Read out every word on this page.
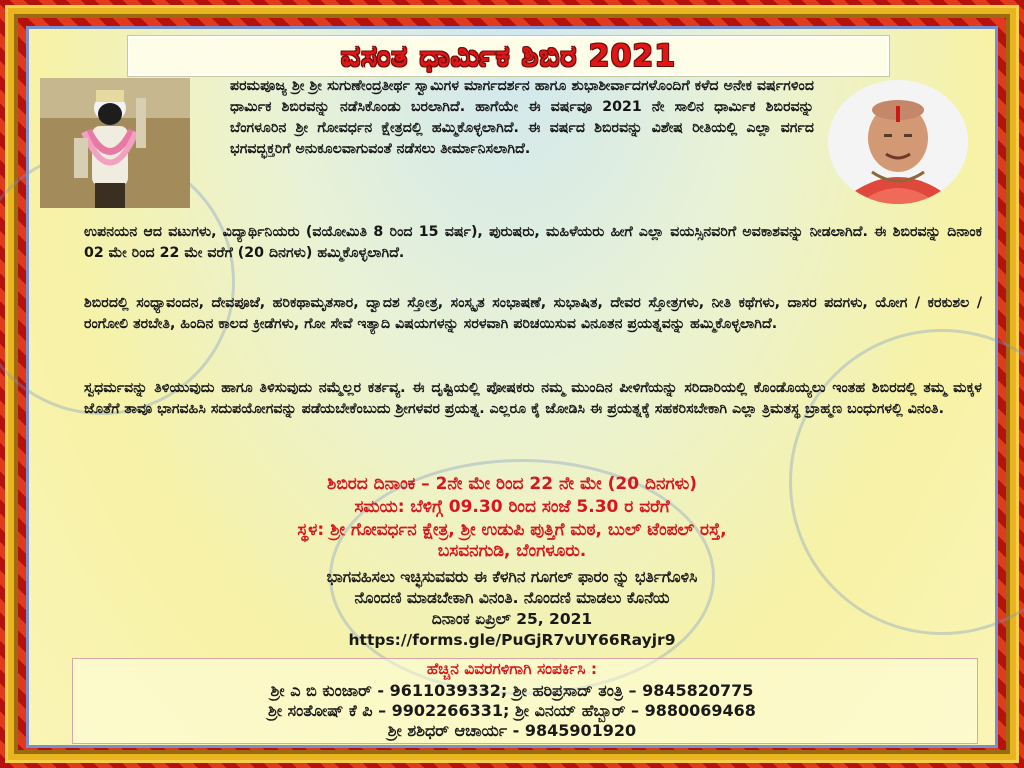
ವಸಂತ ಧಾರ್ಮಿಕ ಶಿಬಿರ 2021
ಪರಮಪೂಜ್ಯ ಶ್ರೀ ಶ್ರೀ ಸುಗುಣೇಂದ್ರತೀರ್ಥ ಸ್ವಾಮಿಗಳ ಮಾರ್ಗದರ್ಶನ ಹಾಗೂ ಶುಭಾಶೀರ್ವಾದಗಳೊಂದಿಗೆ ಕಳೆದ ಅನೇಕ ವರ್ಷಗಳಿಂದ ಧಾರ್ಮಿಕ ಶಿಬಿರವನ್ನು ನಡೆಸಿಕೊಂಡು ಬರಲಾಗಿದೆ. ಹಾಗೆಯೇ ಈ ವರ್ಷವೂ 2021 ನೇ ಸಾಲಿನ ಧಾರ್ಮಿಕ ಶಿಬಿರವನ್ನು ಬೆಂಗಳೂರಿನ ಶ್ರೀ ಗೋವರ್ಧನ ಕ್ಷೇತ್ರದಲ್ಲಿ ಹಮ್ಮಿಕೊಳ್ಳಲಾಗಿದೆ. ಈ ವರ್ಷದ ಶಿಬಿರವನ್ನು ವಿಶೇಷ ರೀತಿಯಲ್ಲಿ ಎಲ್ಲಾ ವರ್ಗದ ಭಗವದ್ಭಕ್ತರಿಗೆ ಅನುಕೂಲವಾಗುವಂತೆ ನಡೆಸಲು ತೀರ್ಮಾನಿಸಲಾಗಿದೆ.
ಉಪನಯನ ಆದ ವಟುಗಳು, ವಿದ್ಯಾರ್ಥಿನಿಯರು (ವಯೋಮಿತಿ 8 ರಿಂದ 15 ವರ್ಷ), ಪುರುಷರು, ಮಹಿಳೆಯರು ಹೀಗೆ ಎಲ್ಲಾ ವಯಸ್ಸಿನವರಿಗೆ ಅವಕಾಶವನ್ನು ನೀಡಲಾಗಿದೆ. ಈ ಶಿಬಿರವನ್ನು ದಿನಾಂಕ 02 ಮೇ ರಿಂದ 22 ಮೇ ವರೆಗೆ (20 ದಿನಗಳು) ಹಮ್ಮಿಕೊಳ್ಳಲಾಗಿದೆ.
ಶಿಬಿರದಲ್ಲಿ ಸಂಧ್ಯಾವಂದನ, ದೇವಪೂಜೆ, ಹರಿಕಥಾಮೃತಸಾರ, ದ್ವಾದಶ ಸ್ತೋತ್ರ, ಸಂಸ್ಕೃತ ಸಂಭಾಷಣೆ, ಸುಭಾಷಿತ, ದೇವರ ಸ್ತೋತ್ರಗಳು, ನೀತಿ ಕಥೆಗಳು, ದಾಸರ ಪದಗಳು, ಯೋಗ / ಕರಕುಶಲ / ರಂಗೋಲಿ ತರಬೇತಿ, ಹಿಂದಿನ ಕಾಲದ ಕ್ರೀಡೆಗಳು, ಗೋ ಸೇವೆ ಇತ್ಯಾದಿ ವಿಷಯಗಳನ್ನು ಸರಳವಾಗಿ ಪರಿಚಯಿಸುವ ವಿನೂತನ ಪ್ರಯತ್ನವನ್ನು ಹಮ್ಮಿಕೊಳ್ಳಲಾಗಿದೆ.
ಸ್ವಧರ್ಮವನ್ನು ತಿಳಿಯುವುದು ಹಾಗೂ ತಿಳಿಸುವುದು ನಮ್ಮೆಲ್ಲರ ಕರ್ತವ್ಯ. ಈ ದೃಷ್ಟಿಯಲ್ಲಿ ಪೋಷಕರು ನಮ್ಮ ಮುಂದಿನ ಪೀಳಿಗೆಯನ್ನು ಸರಿದಾರಿಯಲ್ಲಿ ಕೊಂಡೊಯ್ಯಲು ಇಂತಹ ಶಿಬಿರದಲ್ಲಿ ತಮ್ಮ ಮಕ್ಕಳ ಜೊತೆಗೆ ತಾವೂ ಭಾಗವಹಿಸಿ ಸದುಪಯೋಗವನ್ನು ಪಡೆಯಬೇಕೆಂಬುದು ಶ್ರೀಗಳವರ ಪ್ರಯತ್ನ. ಎಲ್ಲರೂ ಕೈ ಜೋಡಿಸಿ ಈ ಪ್ರಯತ್ನಕ್ಕೆ ಸಹಕರಿಸಬೇಕಾಗಿ ಎಲ್ಲಾ ತ್ರಿಮತಸ್ಥ ಬ್ರಾಹ್ಮಣ ಬಂಧುಗಳಲ್ಲಿ ವಿನಂತಿ.
ಶಿಬಿರದ ದಿನಾಂಕ – 2ನೇ ಮೇ ರಿಂದ 22 ನೇ ಮೇ (20 ದಿನಗಳು)
ಸಮಯ: ಬೆಳಿಗ್ಗೆ 09.30 ರಿಂದ ಸಂಜೆ 5.30 ರ ವರೆಗೆ
ಸ್ಥಳ: ಶ್ರೀ ಗೋವರ್ಧನ ಕ್ಷೇತ್ರ, ಶ್ರೀ ಉಡುಪಿ ಪುತ್ತಿಗೆ ಮಠ, ಬುಲ್ ಟೆಂಪಲ್ ರಸ್ತೆ,
ಬಸವನಗುಡಿ, ಬೆಂಗಳೂರು.
ಭಾಗವಹಿಸಲು ಇಚ್ಛಿಸುವವರು ಈ ಕೆಳಗಿನ ಗೂಗಲ್ ಫಾರಂ ನ್ನು ಭರ್ತಿಗೊಳಿಸಿ
ನೊಂದಣಿ ಮಾಡಬೇಕಾಗಿ ವಿನಂತಿ. ನೊಂದಣಿ ಮಾಡಲು ಕೊನೆಯ
ದಿನಾಂಕ ಏಪ್ರಿಲ್ 25, 2021
https://forms.gle/PuGjR7vUY66Rayjr9
ಹೆಚ್ಚಿನ ವಿವರಗಳಿಗಾಗಿ ಸಂಪರ್ಕಿಸಿ :
ಶ್ರೀ ಎ ಬಿ ಕುಂಜಾರ್ - 9611039332; ಶ್ರೀ ಹರಿಪ್ರಸಾದ್ ತಂತ್ರಿ – 9845820775
ಶ್ರೀ ಸಂತೋಷ್ ಕೆ ಪಿ – 9902266331; ಶ್ರೀ ವಿನಯ್ ಹೆಬ್ಬಾರ್ – 9880069468
ಶ್ರೀ ಶಶಿಧರ್ ಆಚಾರ್ಯ - 9845901920
